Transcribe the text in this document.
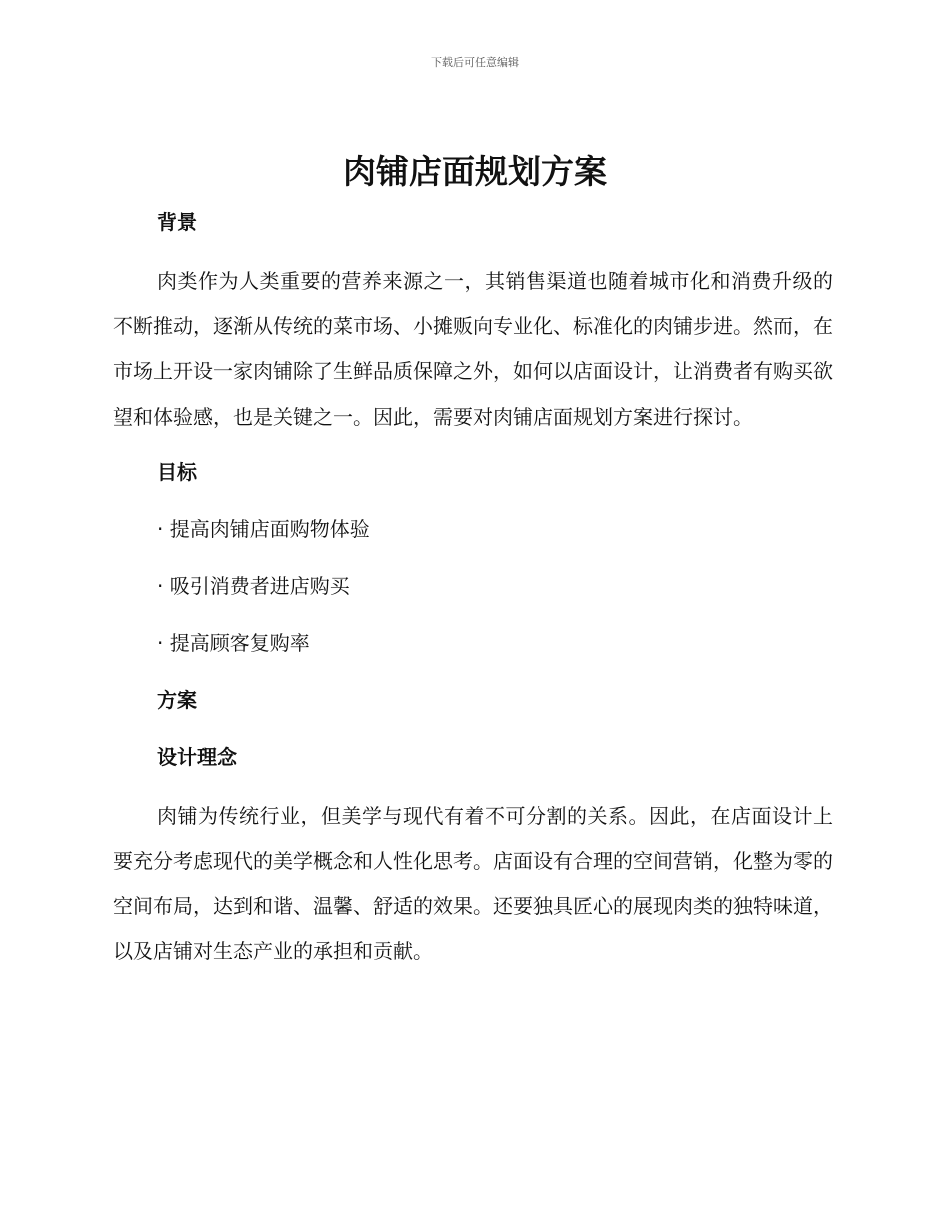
下载后可任意编辑
肉铺店面规划方案
背景

肉类作为人类重要的营养来源之一，其销售渠道也随着城市化和消费升级的不断推动，逐渐从传统的菜市场、小摊贩向专业化、标准化的肉铺步进。然而，在市场上开设一家肉铺除了生鲜品质保障之外，如何以店面设计，让消费者有购买欲望和体验感，也是关键之一。因此，需要对肉铺店面规划方案进行探讨。

目标
· 提高肉铺店面购物体验
· 吸引消费者进店购买
· 提高顾客复购率
方案
设计理念

肉铺为传统行业，但美学与现代有着不可分割的关系。因此，在店面设计上要充分考虑现代的美学概念和人性化思考。店面设有合理的空间营销，化整为零的空间布局，达到和谐、温馨、舒适的效果。还要独具匠心的展现肉类的独特味道，以及店铺对生态产业的承担和贡献。
